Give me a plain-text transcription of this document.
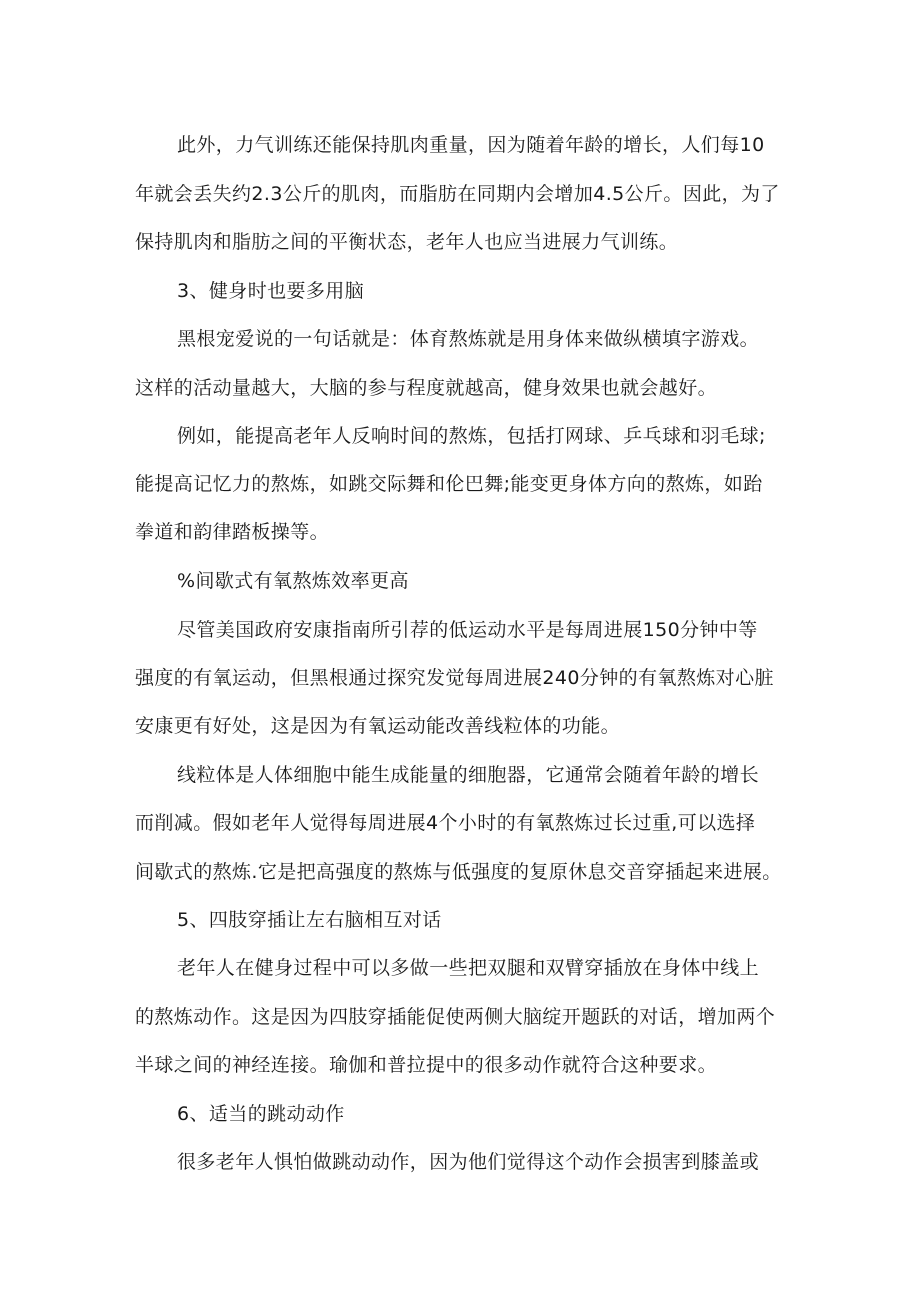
此外，力气训练还能保持肌肉重量，因为随着年龄的增长，人们每10
年就会丢失约2.3公斤的肌肉，而脂肪在同期内会增加4.5公斤。因此，为了
保持肌肉和脂肪之间的平衡状态，老年人也应当进展力气训练。
3、健身时也要多用脑
黑根宠爱说的一句话就是：体育熬炼就是用身体来做纵横填字游戏。
这样的活动量越大，大脑的参与程度就越高，健身效果也就会越好。
例如，能提高老年人反响时间的熬炼，包括打网球、乒乓球和羽毛球;
能提高记忆力的熬炼，如跳交际舞和伦巴舞;能变更身体方向的熬炼，如跆
拳道和韵律踏板操等。
%间歇式有氧熬炼效率更高
尽管美国政府安康指南所引荐的低运动水平是每周进展150分钟中等
强度的有氧运动，但黑根通过探究发觉每周进展240分钟的有氧熬炼对心脏
安康更有好处，这是因为有氧运动能改善线粒体的功能。
线粒体是人体细胞中能生成能量的细胞器，它通常会随着年龄的增长
而削减。假如老年人觉得每周进展4个小时的有氧熬炼过长过重,可以选择
间歇式的熬炼.它是把高强度的熬炼与低强度的复原休息交音穿插起来进展。
5、四肢穿插让左右脑相互对话
老年人在健身过程中可以多做一些把双腿和双臂穿插放在身体中线上
的熬炼动作。这是因为四肢穿插能促使两侧大脑绽开题跃的对话，增加两个
半球之间的神经连接。瑜伽和普拉提中的很多动作就符合这种要求。
6、适当的跳动动作
很多老年人惧怕做跳动动作，因为他们觉得这个动作会损害到膝盖或
